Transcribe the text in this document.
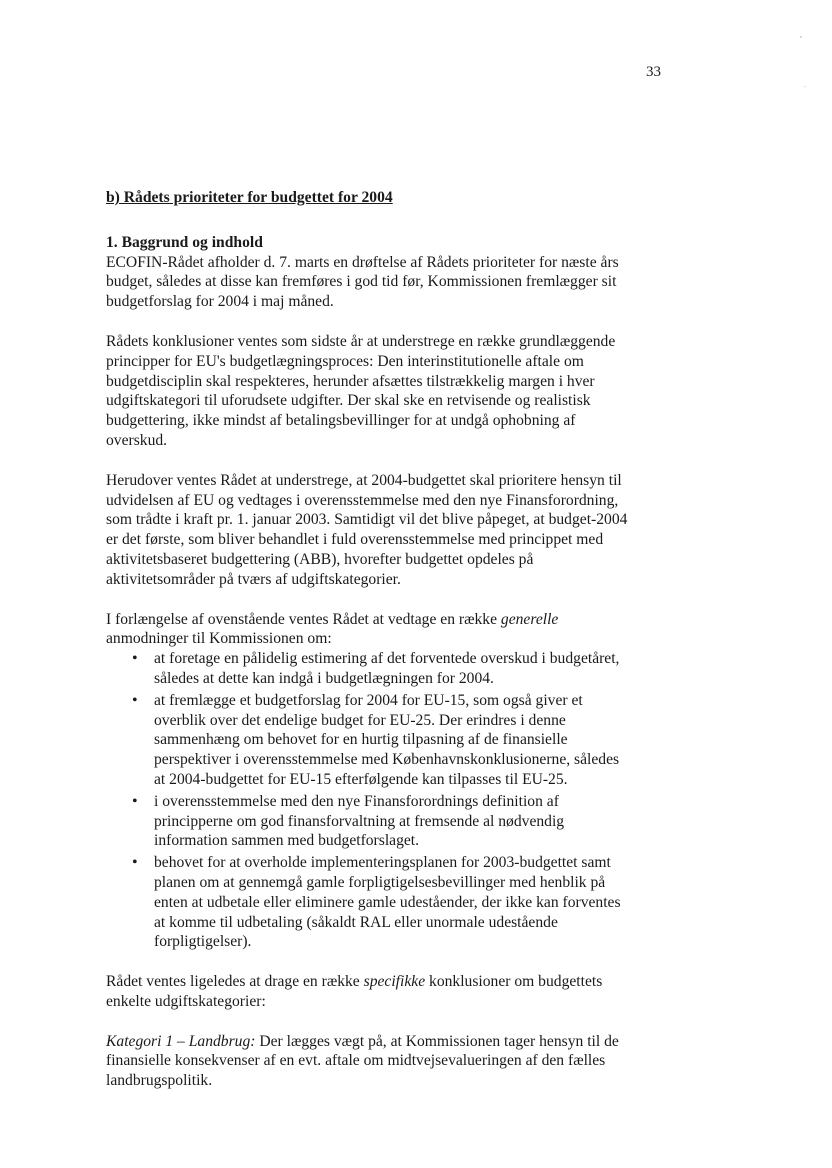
33
b) Rådets prioriteter for budgettet for 2004
1. Baggrund og indhold

ECOFIN-Rådet afholder d. 7. marts en drøftelse af Rådets prioriteter for næste års budget, således at disse kan fremføres i god tid før, Kommissionen fremlægger sit budgetforslag for 2004 i maj måned.

Rådets konklusioner ventes som sidste år at understrege en række grundlæggende principper for EU's budgetlægningsproces: Den interinstitutionelle aftale om budgetdisciplin skal respekteres, herunder afsættes tilstrækkelig margen i hver udgiftskategori til uforudsete udgifter. Der skal ske en retvisende og realistisk budgettering, ikke mindst af betalingsbevillinger for at undgå ophobning af overskud.

Herudover ventes Rådet at understrege, at 2004-budgettet skal prioritere hensyn til udvidelsen af EU og vedtages i overensstemmelse med den nye Finansforordning, som trådte i kraft pr. 1. januar 2003. Samtidigt vil det blive påpeget, at budget-2004 er det første, som bliver behandlet i fuld overensstemmelse med princippet med aktivitetsbaseret budgettering (ABB), hvorefter budgettet opdeles på aktivitetsområder på tværs af udgiftskategorier.

I forlængelse af ovenstående ventes Rådet at vedtage en række generelle anmodninger til Kommissionen om:

• at foretage en pålidelig estimering af det forventede overskud i budgetåret, således at dette kan indgå i budgetlægningen for 2004.
• at fremlægge et budgetforslag for 2004 for EU-15, som også giver et overblik over det endelige budget for EU-25. Der erindres i denne sammenhæng om behovet for en hurtig tilpasning af de finansielle perspektiver i overensstemmelse med Københavnskonklusionerne, således at 2004-budgettet for EU-15 efterfølgende kan tilpasses til EU-25.
• i overensstemmelse med den nye Finansforordnings definition af principperne om god finansforvaltning at fremsende al nødvendig information sammen med budgetforslaget.
• behovet for at overholde implementeringsplanen for 2003-budgettet samt planen om at gennemgå gamle forpligtigelsesbevillinger med henblik på enten at udbetale eller eliminere gamle udeståender, der ikke kan forventes at komme til udbetaling (såkaldt RAL eller unormale udestående forpligtigelser).

Rådet ventes ligeledes at drage en række specifikke konklusioner om budgettets enkelte udgiftskategorier:

Kategori 1 – Landbrug: Der lægges vægt på, at Kommissionen tager hensyn til de finansielle konsekvenser af en evt. aftale om midtvejsevalueringen af den fælles landbrugspolitik.
